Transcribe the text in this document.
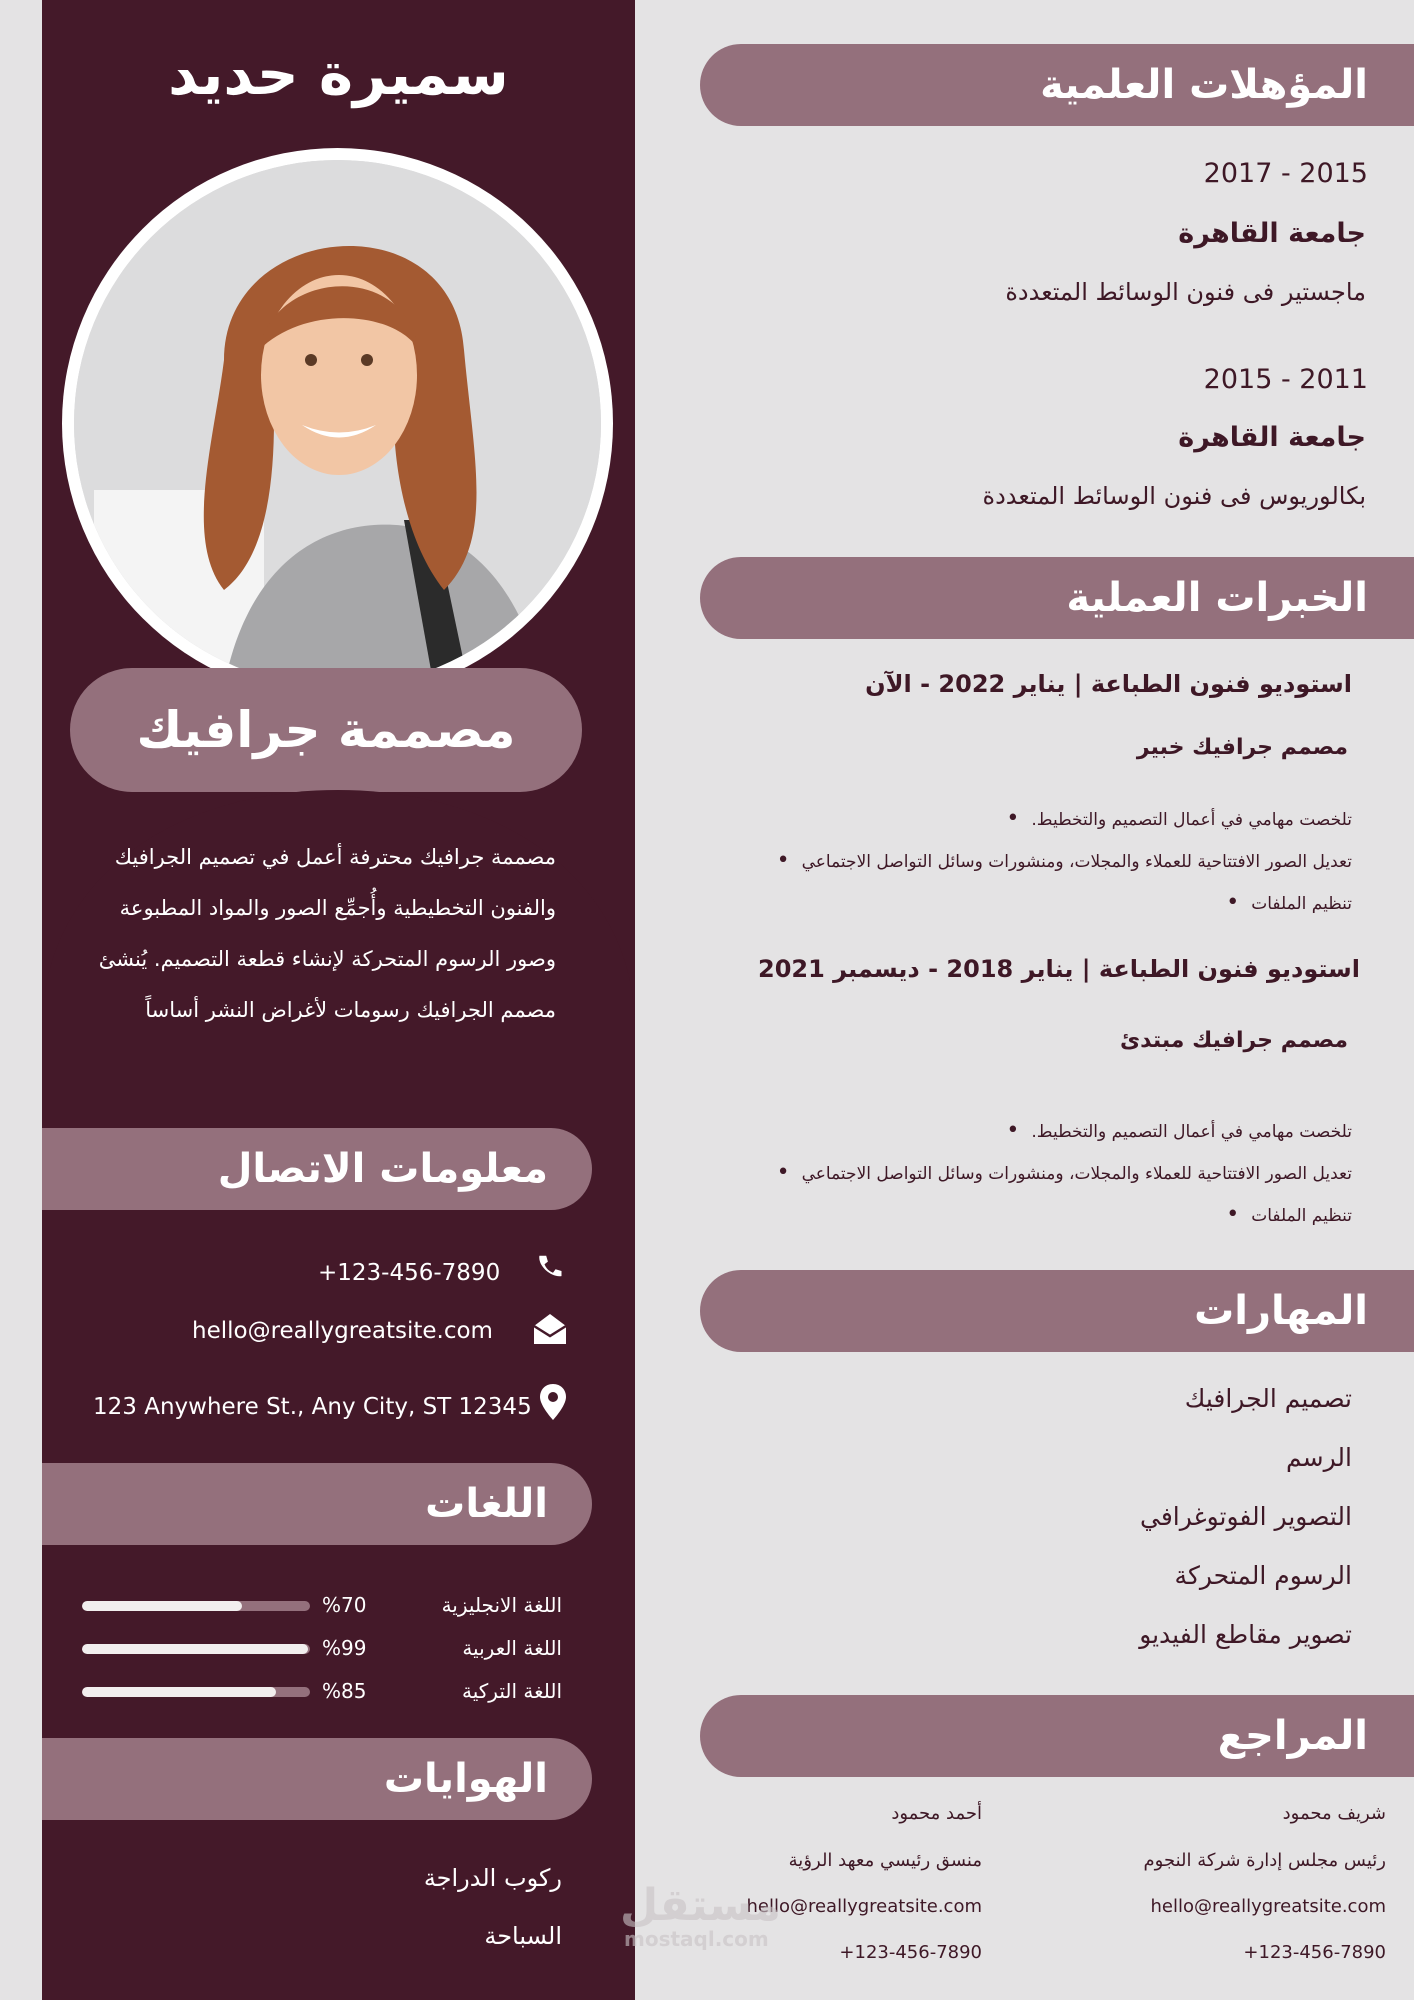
سميرة حديد
مصممة جرافيك
مصممة جرافيك محترفة أعمل في تصميم الجرافيك والفنون التخطيطية وأُجمِّع الصور والمواد المطبوعة وصور الرسوم المتحركة لإنشاء قطعة التصميم. يُنشئ مصمم الجرافيك رسومات لأغراض النشر أساساً
معلومات الاتصال
+123-456-7890
hello@reallygreatsite.com
123 Anywhere St., Any City, ST 12345
اللغات
اللغة الانجليزية
%70
اللغة العربية
%99
اللغة التركية
%85
الهوايات
ركوب الدراجة
السباحة
المؤهلات العلمية
2017 - 2015
جامعة القاهرة
ماجستير فى فنون الوسائط المتعددة
2015 - 2011
جامعة القاهرة
بكالوريوس فى فنون الوسائط المتعددة
الخبرات العملية
استوديو فنون الطباعة | يناير 2022 - الآن
مصمم جرافيك خبير
تلخصت مهامي في أعمال التصميم والتخطيط. •
تعديل الصور الافتتاحية للعملاء والمجلات، ومنشورات وسائل التواصل الاجتماعي •
تنظيم الملفات •
استوديو فنون الطباعة | يناير 2018 - ديسمبر 2021
مصمم جرافيك مبتدئ
تلخصت مهامي في أعمال التصميم والتخطيط. •
تعديل الصور الافتتاحية للعملاء والمجلات، ومنشورات وسائل التواصل الاجتماعي •
تنظيم الملفات •
المهارات
تصميم الجرافيك
الرسم
التصوير الفوتوغرافي
الرسوم المتحركة
تصوير مقاطع الفيديو
المراجع
شريف محمود
رئيس مجلس إدارة شركة النجوم
hello@reallygreatsite.com
+123-456-7890
أحمد محمود
منسق رئيسي معهد الرؤية
hello@reallygreatsite.com
+123-456-7890
مستقل
mostaql.com
